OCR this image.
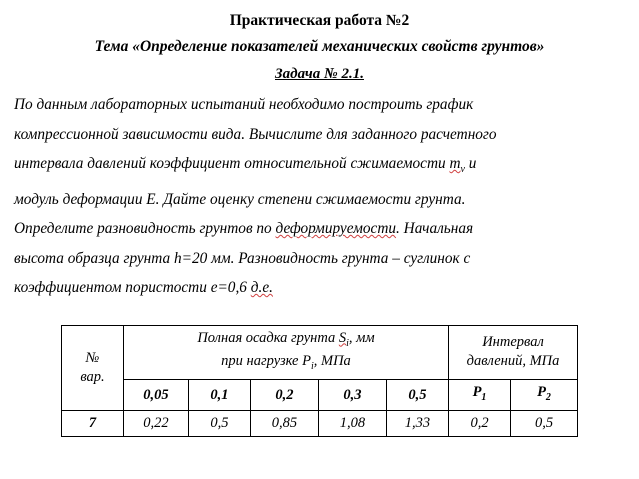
Практическая работа №2
Тема «Определение показателей механических свойств грунтов»
Задача № 2.1.

По данным лабораторных испытаний необходимо построить график

компрессионной зависимости вида. Вычислите для заданного расчетного

интервала давлений коэффициент относительной сжимаемости $m_v$ и

модуль деформации Е. Дайте оценку степени сжимаемости грунта.

Определите разновидность грунтов по деформируемости. Начальная

высота образца грунта h=20 мм. Разновидность грунта – суглинок с

коэффициентом пористости е=0,6 д.е.

№
вар.

Полная осадка грунта $S_i$, мм
при нагрузке $P_i$, МПа

Интервал
давлений, МПа

	0,05	0,1	0,2	0,3	0,5	$Р_1$	$Р_2$
7	0,22	0,5	0,85	1,08	1,33	0,2	0,5
